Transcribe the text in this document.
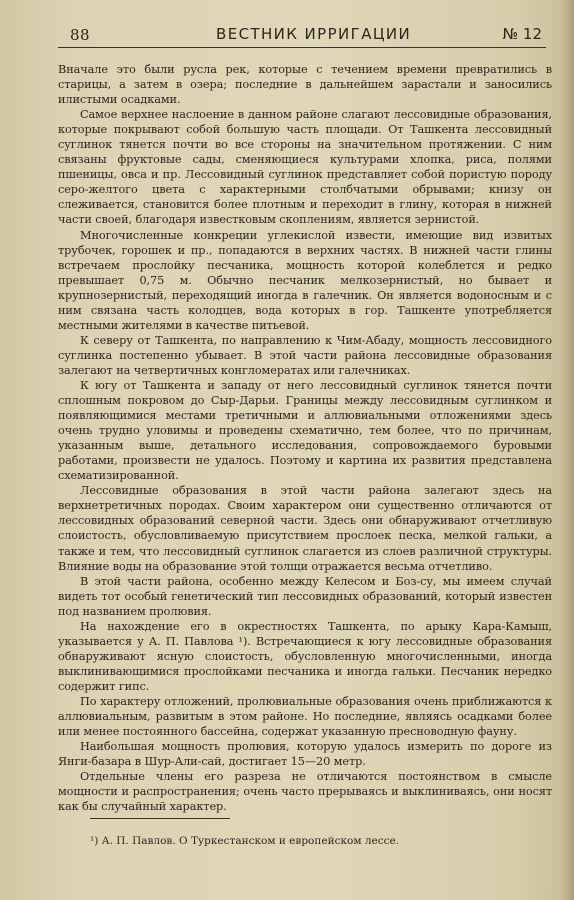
88	ВЕСТНИК ИРРИГАЦИИ	№ 12

Вначале это были русла рек, которые с течением времени превратились в старицы, а затем в озера; последние в дальнейшем зарастали и заносились илистыми осадками.

Самое верхнее наслоение в данном районе слагают лессовидные образования, которые покрывают собой большую часть площади. От Ташкента лессовидный суглинок тянется почти во все стороны на значительном протяжении. С ним связаны фруктовые сады, сменяющиеся культурами хлопка, риса, полями пшеницы, овса и пр. Лессовидный суглинок представляет собой пористую породу серо-желтого цвета с характерными столбчатыми обрывами; книзу он слеживается, становится более плотным и переходит в глину, которая в нижней части своей, благодаря известковым скоплениям, является зернистой.

Многочисленные конкреции углекислой извести, имеющие вид извитых трубочек, горошек и пр., попадаются в верхних частях. В нижней части глины встречаем прослойку песчаника, мощность которой колеблется и редко превышает 0,75 м. Обычно песчаник мелкозернистый, но бывает и крупнозернистый, переходящий иногда в галечник. Он является водоносным и с ним связана часть колодцев, вода которых в гор. Ташкенте употребляется местными жителями в качестве питьевой.

К северу от Ташкента, по направлению к Чим-Абаду, мощность лессовидного суглинка постепенно убывает. В этой части района лессовидные образования залегают на четвертичных конгломератах или галечниках.

К югу от Ташкента и западу от него лессовидный суглинок тянется почти сплошным покровом до Сыр-Дарьи. Границы между лессовидным суглинком и появляющимися местами третичными и аллювиальными отложениями здесь очень трудно уловимы и проведены схематично, тем более, что по причинам, указанным выше, детального исследования, сопровождаемого буровыми работами, произвести не удалось. Поэтому и картина их развития представлена схематизированной.

Лессовидные образования в этой части района залегают здесь на верхнетретичных породах. Своим характером они существенно отличаются от лессовидных образований северной части. Здесь они обнаруживают отчетливую слоистость, обусловливаемую присутствием прослоек песка, мелкой гальки, а также и тем, что лессовидный суглинок слагается из слоев различной структуры. Влияние воды на образование этой толщи отражается весьма отчетливо.

В этой части района, особенно между Келесом и Боз-су, мы имеем случай видеть тот особый генетический тип лессовидных образований, который известен под назвaнием пролювия.

На нахождение его в окрестностях Ташкента, по арыку Кара-Камыш, указывается у А. П. Павлова ¹). Встречающиеся к югу лессовидные образования обнаруживают ясную слоистость, обусловленную многочисленными, иногда выклинивающимися прослойками песчаника и иногда гальки. Песчаник нередко содержит гипс.

По характеру отложений, пролювиальные образования очень приближаются к аллювиальным, развитым в этом районе. Но последние, являясь осадками более или менее постоянного бассейна, содержат указанную пресноводную фауну.

Наибольшая мощность пролювия, которую удалось измерить по дороге из Янги-базара в Шур-Али-сай, достигает 15—20 метр.

Отдельные члены его разреза не отличаются постоянством в смысле мощности и распространения; очень часто прерываясь и выклиниваясь, они носят как бы случайный характер.

¹) А. П. Павлов. О Туркестанском и европейском лессе.
